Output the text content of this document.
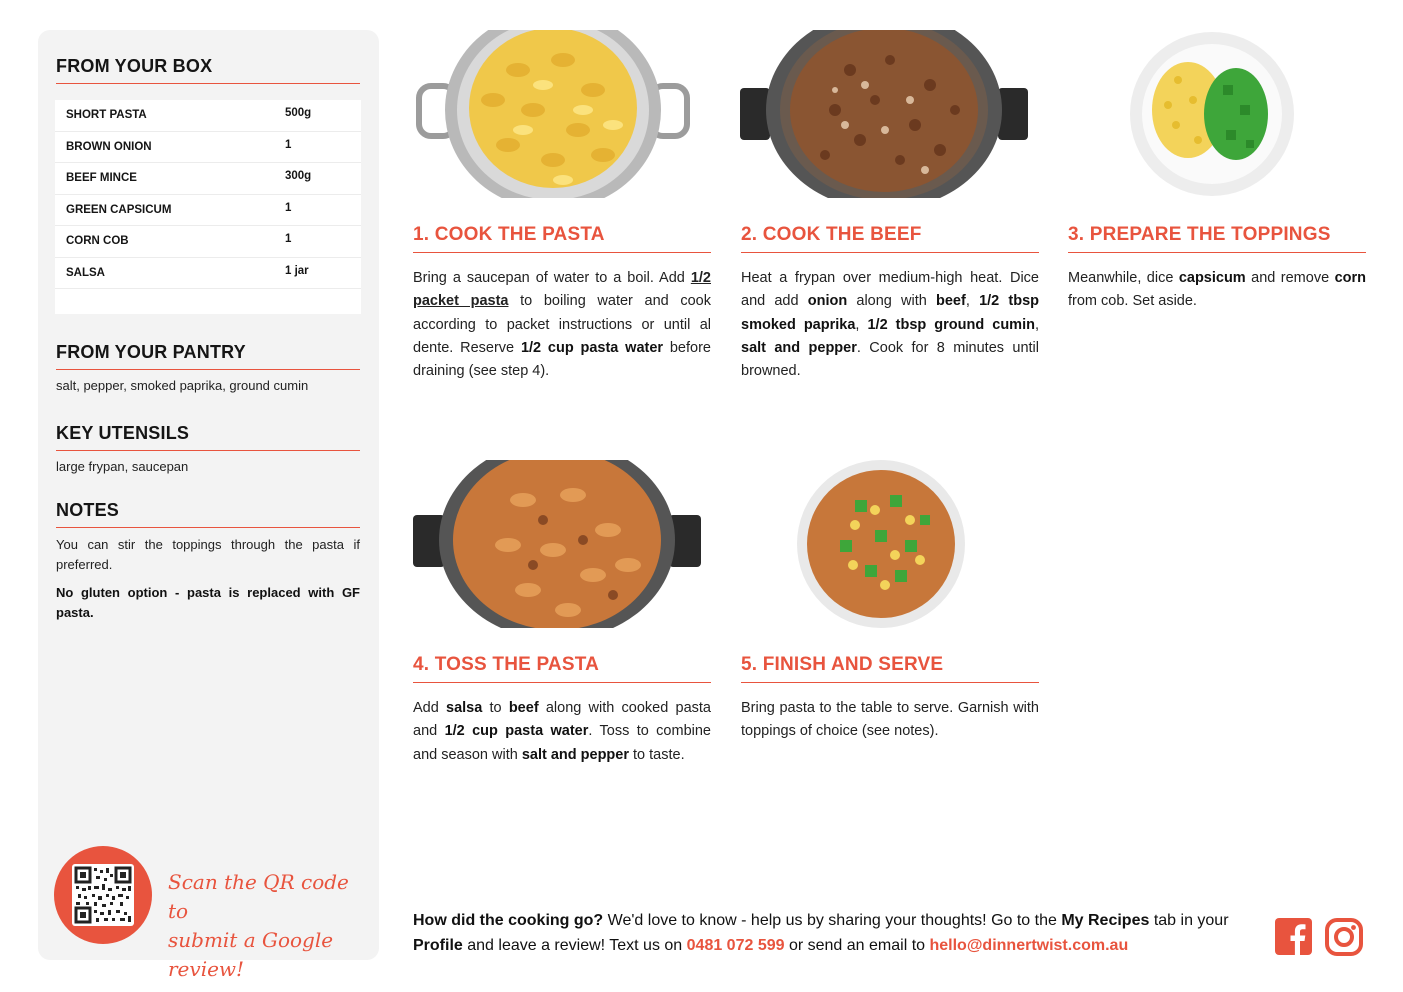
FROM YOUR BOX
SHORT PASTA	500g
BROWN ONION	1
BEEF MINCE	300g
GREEN CAPSICUM	1
CORN COB	1
SALSA	1 jar
FROM YOUR PANTRY
salt, pepper, smoked paprika, ground cumin
KEY UTENSILS
large frypan, saucepan
NOTES
You can stir the toppings through the pasta if preferred.
No gluten option - pasta is replaced with GF pasta.
Scan the QR code to
submit a Google review!
1. COOK THE PASTA	2. COOK THE BEEF	3. PREPARE THE TOPPINGS
4. TOSS THE PASTA	5. FINISH AND SERVE
Bring a saucepan of water to a boil. Add 1/2 packet pasta to boiling water and cook according to packet instructions or until al dente. Reserve 1/2 cup pasta water before draining (see step 4).
Heat a frypan over medium-high heat. Dice and add onion along with beef, 1/2 tbsp smoked paprika, 1/2 tbsp ground cumin, salt and pepper. Cook for 8 minutes until browned.
Meanwhile, dice capsicum and remove corn from cob. Set aside.
Add salsa to beef along with cooked pasta and 1/2 cup pasta water. Toss to combine and season with salt and pepper to taste.
Bring pasta to the table to serve. Garnish with toppings of choice (see notes).
How did the cooking go? We'd love to know - help us by sharing your thoughts! Go to the My Recipes tab in your Profile and leave a review! Text us on 0481 072 599 or send an email to hello@dinnertwist.com.au
